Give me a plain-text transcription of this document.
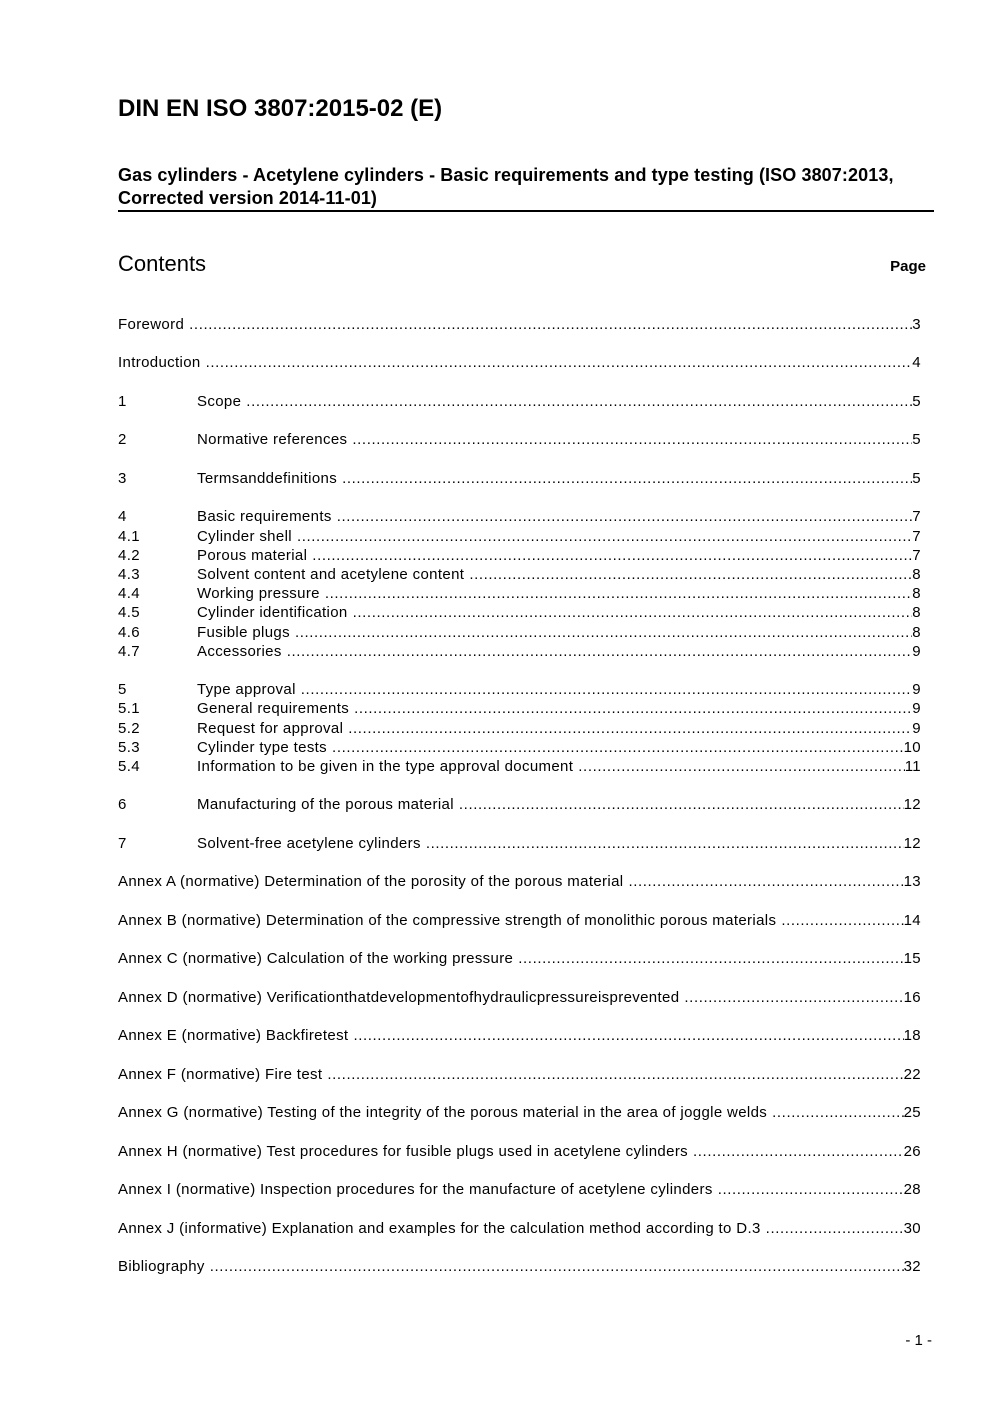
DIN EN ISO 3807:2015-02 (E)

Gas cylinders - Acetylene cylinders - Basic requirements and type testing (ISO 3807:2013, Corrected version 2014-11-01)

Contents	Page
Foreword .....	3
Introduction .....	4
1	Scope .....	5
2	Normative references .....	5
3	Termsanddefinitions .....	5
4	Basic requirements .....	7
4.1	Cylinder shell .....	7
4.2	Porous material .....	7
4.3	Solvent content and acetylene content .....	8
4.4	Working pressure .....	8
4.5	Cylinder identification .....	8
4.6	Fusible plugs .....	8
4.7	Accessories .....	9
5	Type approval .....	9
5.1	General requirements .....	9
5.2	Request for approval .....	9
5.3	Cylinder type tests .....	10
5.4	Information to be given in the type approval document .....	11
6	Manufacturing of the porous material .....	12
7	Solvent-free acetylene cylinders .....	12
Annex A (normative) Determination of the porosity of the porous material .....	13
Annex B (normative) Determination of the compressive strength of monolithic porous materials .....	14
Annex C (normative) Calculation of the working pressure .....	15
Annex D (normative) Verificationthatdevelopmentofhydraulicpressureisprevented .....	16
Annex E (normative) Backfiretest .....	18
Annex F (normative) Fire test .....	22
Annex G (normative) Testing of the integrity of the porous material in the area of joggle welds .....	25
Annex H (normative) Test procedures for fusible plugs used in acetylene cylinders .....	26
Annex I (normative) Inspection procedures for the manufacture of acetylene cylinders .....	28
Annex J (informative) Explanation and examples for the calculation method according to D.3 .....	30
Bibliography .....	32
- 1 -
